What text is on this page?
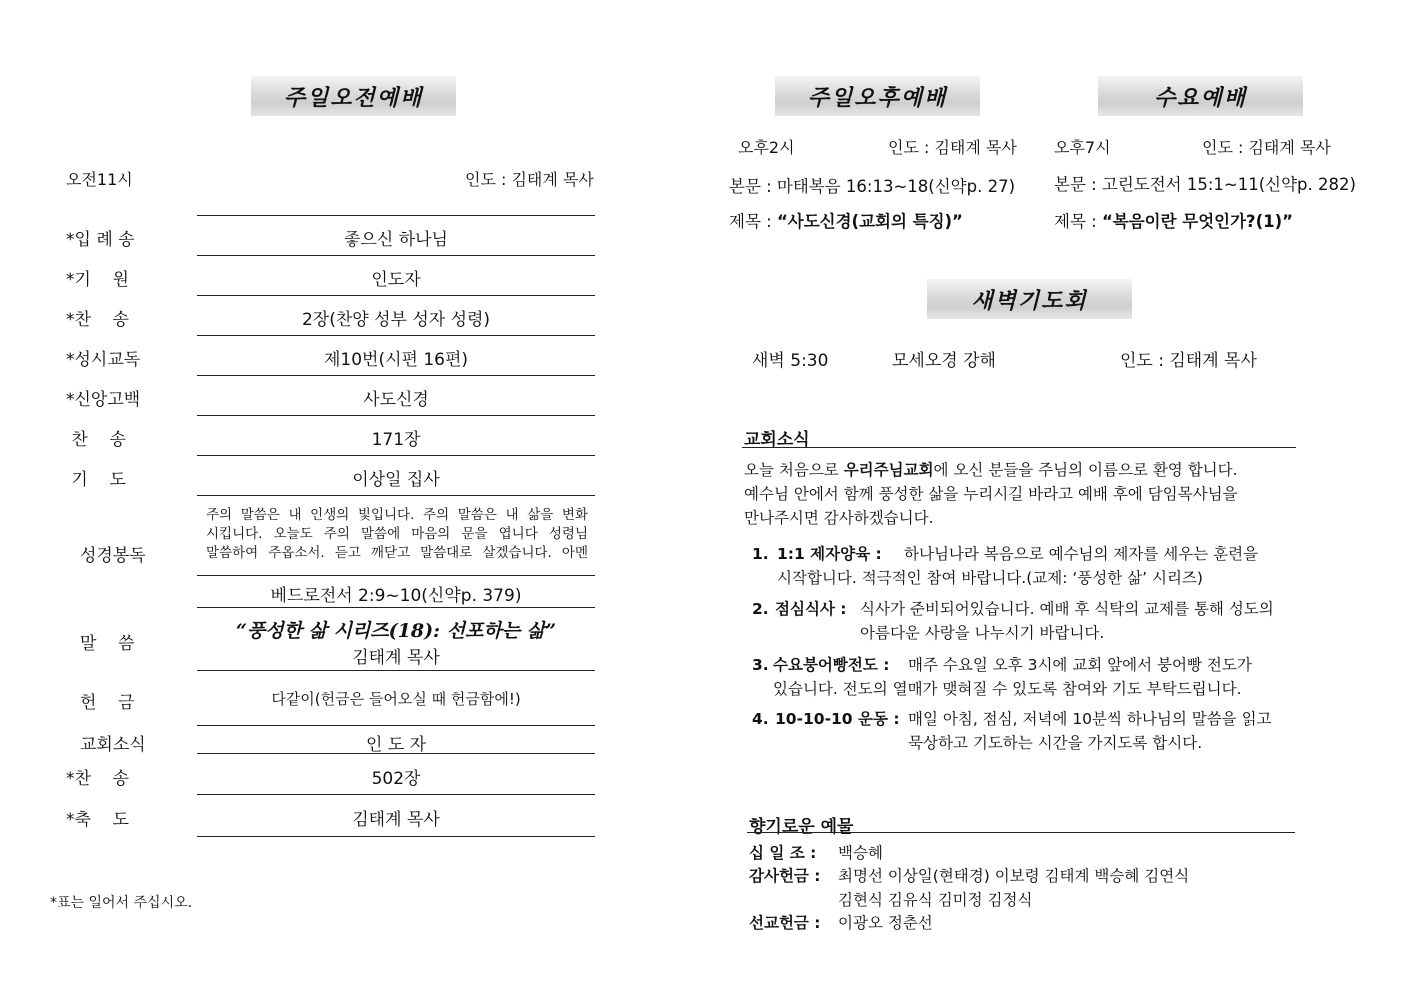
주일오전예배
오전11시	인도 : 김태계 목사
*입 례 송	좋으신 하나님
*기    원	인도자
*찬    송	2장(찬양 성부 성자 성령)
*성시교독	제10번(시편 16편)
*신앙고백	사도신경
찬    송	171장
기    도	이상일 집사
성경봉독
주의 말씀은 내 인생의 빛입니다. 주의 말씀은 내 삶을 변화
시킵니다. 오늘도 주의 말씀에 마음의 문을 엽니다 성령님
말씀하여 주옵소서. 듣고 깨닫고 말씀대로 살겠습니다. 아멘
베드로전서 2:9~10(신약p. 379)
말    씀
“풍성한 삶 시리즈(18): 선포하는 삶”
김태계 목사
헌    금	다같이(헌금은 들어오실 때 헌금함에!)
교회소식	인 도 자
*찬    송	502장
*축    도	김태계 목사
*표는 일어서 주십시오.
주일오후예배	수요예배
오후2시	인도 : 김태계 목사
본문 : 마태복음 16:13~18(신약p. 27)
제목 : “사도신경(교회의 특징)”
오후7시	인도 : 김태계 목사
본문 : 고린도전서 15:1~11(신약p. 282)
제목 : “복음이란 무엇인가?(1)”
새벽기도회
새벽 5:30	모세오경 강해	인도 : 김태계 목사
교회소식
오늘 처음으로 우리주님교회에 오신 분들을 주님의 이름으로 환영 합니다.
예수님 안에서 함께 풍성한 삶을 누리시길 바라고 예배 후에 담임목사님을
만나주시면 감사하겠습니다.
1. 1:1 제자양육 : 하나님나라 복음으로 예수님의 제자를 세우는 훈련을
시작합니다. 적극적인 참여 바랍니다.(교제: ‘풍성한 삶’ 시리즈)
2. 점심식사 : 식사가 준비되어있습니다. 예배 후 식탁의 교제를 통해 성도의
아름다운 사랑을 나누시기 바랍니다.
3. 수요붕어빵전도 : 매주 수요일 오후 3시에 교회 앞에서 붕어빵 전도가
있습니다. 전도의 열매가 맺혀질 수 있도록 참여와 기도 부탁드립니다.
4. 10-10-10 운동 : 매일 아침, 점심, 저녁에 10분씩 하나님의 말씀을 읽고
묵상하고 기도하는 시간을 가지도록 합시다.
향기로운 예물
십 일 조 : 백승혜
감사헌금 : 최명선 이상일(현태경) 이보령 김태계 백승혜 김연식
김현식 김유식 김미정 김정식
선교헌금 : 이광오 정춘선
